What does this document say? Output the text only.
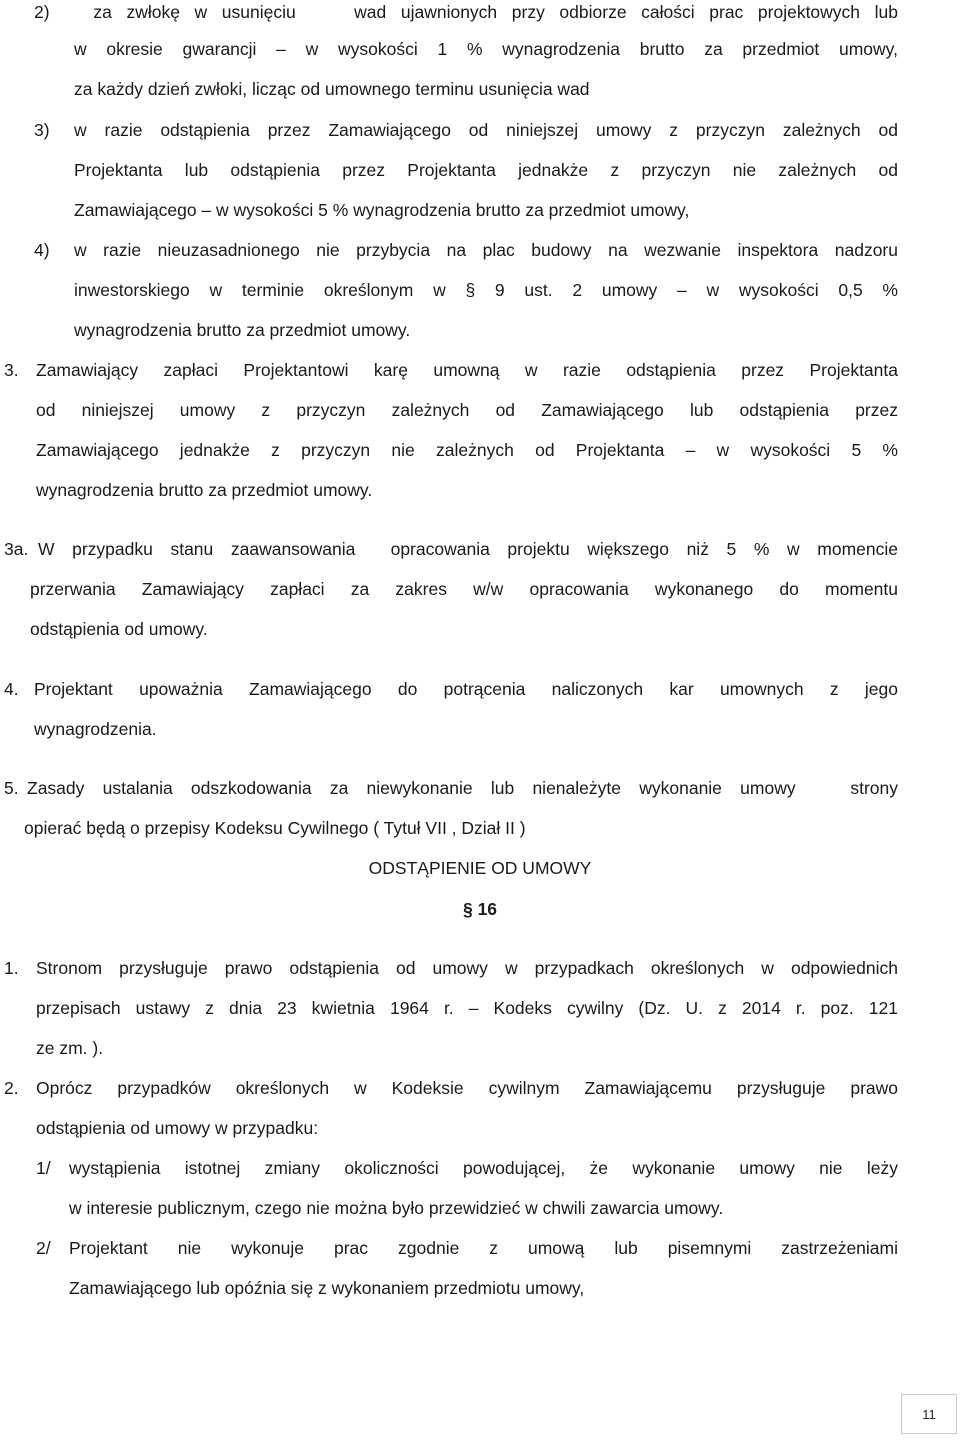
2)   za zwłokę w usunięciu    wad ujawnionych przy odbiorze całości prac projektowych lub
w okresie gwarancji – w wysokości 1 % wynagrodzenia brutto za przedmiot umowy,
za każdy dzień zwłoki, licząc od umownego terminu usunięcia wad
3) w razie odstąpienia przez Zamawiającego od niniejszej umowy z przyczyn zależnych od
Projektanta lub odstąpienia przez Projektanta jednakże z przyczyn nie zależnych od
Zamawiającego – w wysokości 5 % wynagrodzenia brutto za przedmiot umowy,
4) w razie nieuzasadnionego nie przybycia na plac budowy na wezwanie inspektora nadzoru
inwestorskiego w terminie określonym w § 9 ust. 2 umowy – w wysokości 0,5 %
wynagrodzenia brutto za przedmiot umowy.
3. Zamawiający zapłaci Projektantowi karę umowną w razie odstąpienia przez Projektanta
od niniejszej umowy z przyczyn zależnych od Zamawiającego lub odstąpienia przez
Zamawiającego jednakże z przyczyn nie zależnych od Projektanta – w wysokości 5 %
wynagrodzenia brutto za przedmiot umowy.
3a. W przypadku stanu zaawansowania  opracowania projektu większego niż 5 % w momencie
przerwania Zamawiający zapłaci za zakres w/w opracowania wykonanego do momentu
odstąpienia od umowy.
4. Projektant upoważnia Zamawiającego do potrącenia naliczonych kar umownych z jego
wynagrodzenia.
5. Zasady ustalania odszkodowania za niewykonanie lub nienależyte wykonanie umowy   strony
opierać będą o przepisy Kodeksu Cywilnego ( Tytuł VII , Dział II )
ODSTĄPIENIE OD UMOWY
§ 16
1. Stronom przysługuje prawo odstąpienia od umowy w przypadkach określonych w odpowiednich
przepisach ustawy z dnia 23 kwietnia 1964 r. – Kodeks cywilny (Dz. U. z 2014 r. poz. 121
ze zm. ).
2. Oprócz przypadków określonych w Kodeksie cywilnym Zamawiającemu przysługuje prawo
odstąpienia od umowy w przypadku:
1/ wystąpienia istotnej zmiany okoliczności powodującej, że wykonanie umowy nie leży
w interesie publicznym, czego nie można było przewidzieć w chwili zawarcia umowy.
2/ Projektant nie wykonuje prac zgodnie z umową lub pisemnymi zastrzeżeniami
Zamawiającego lub opóźnia się z wykonaniem przedmiotu umowy,
11
